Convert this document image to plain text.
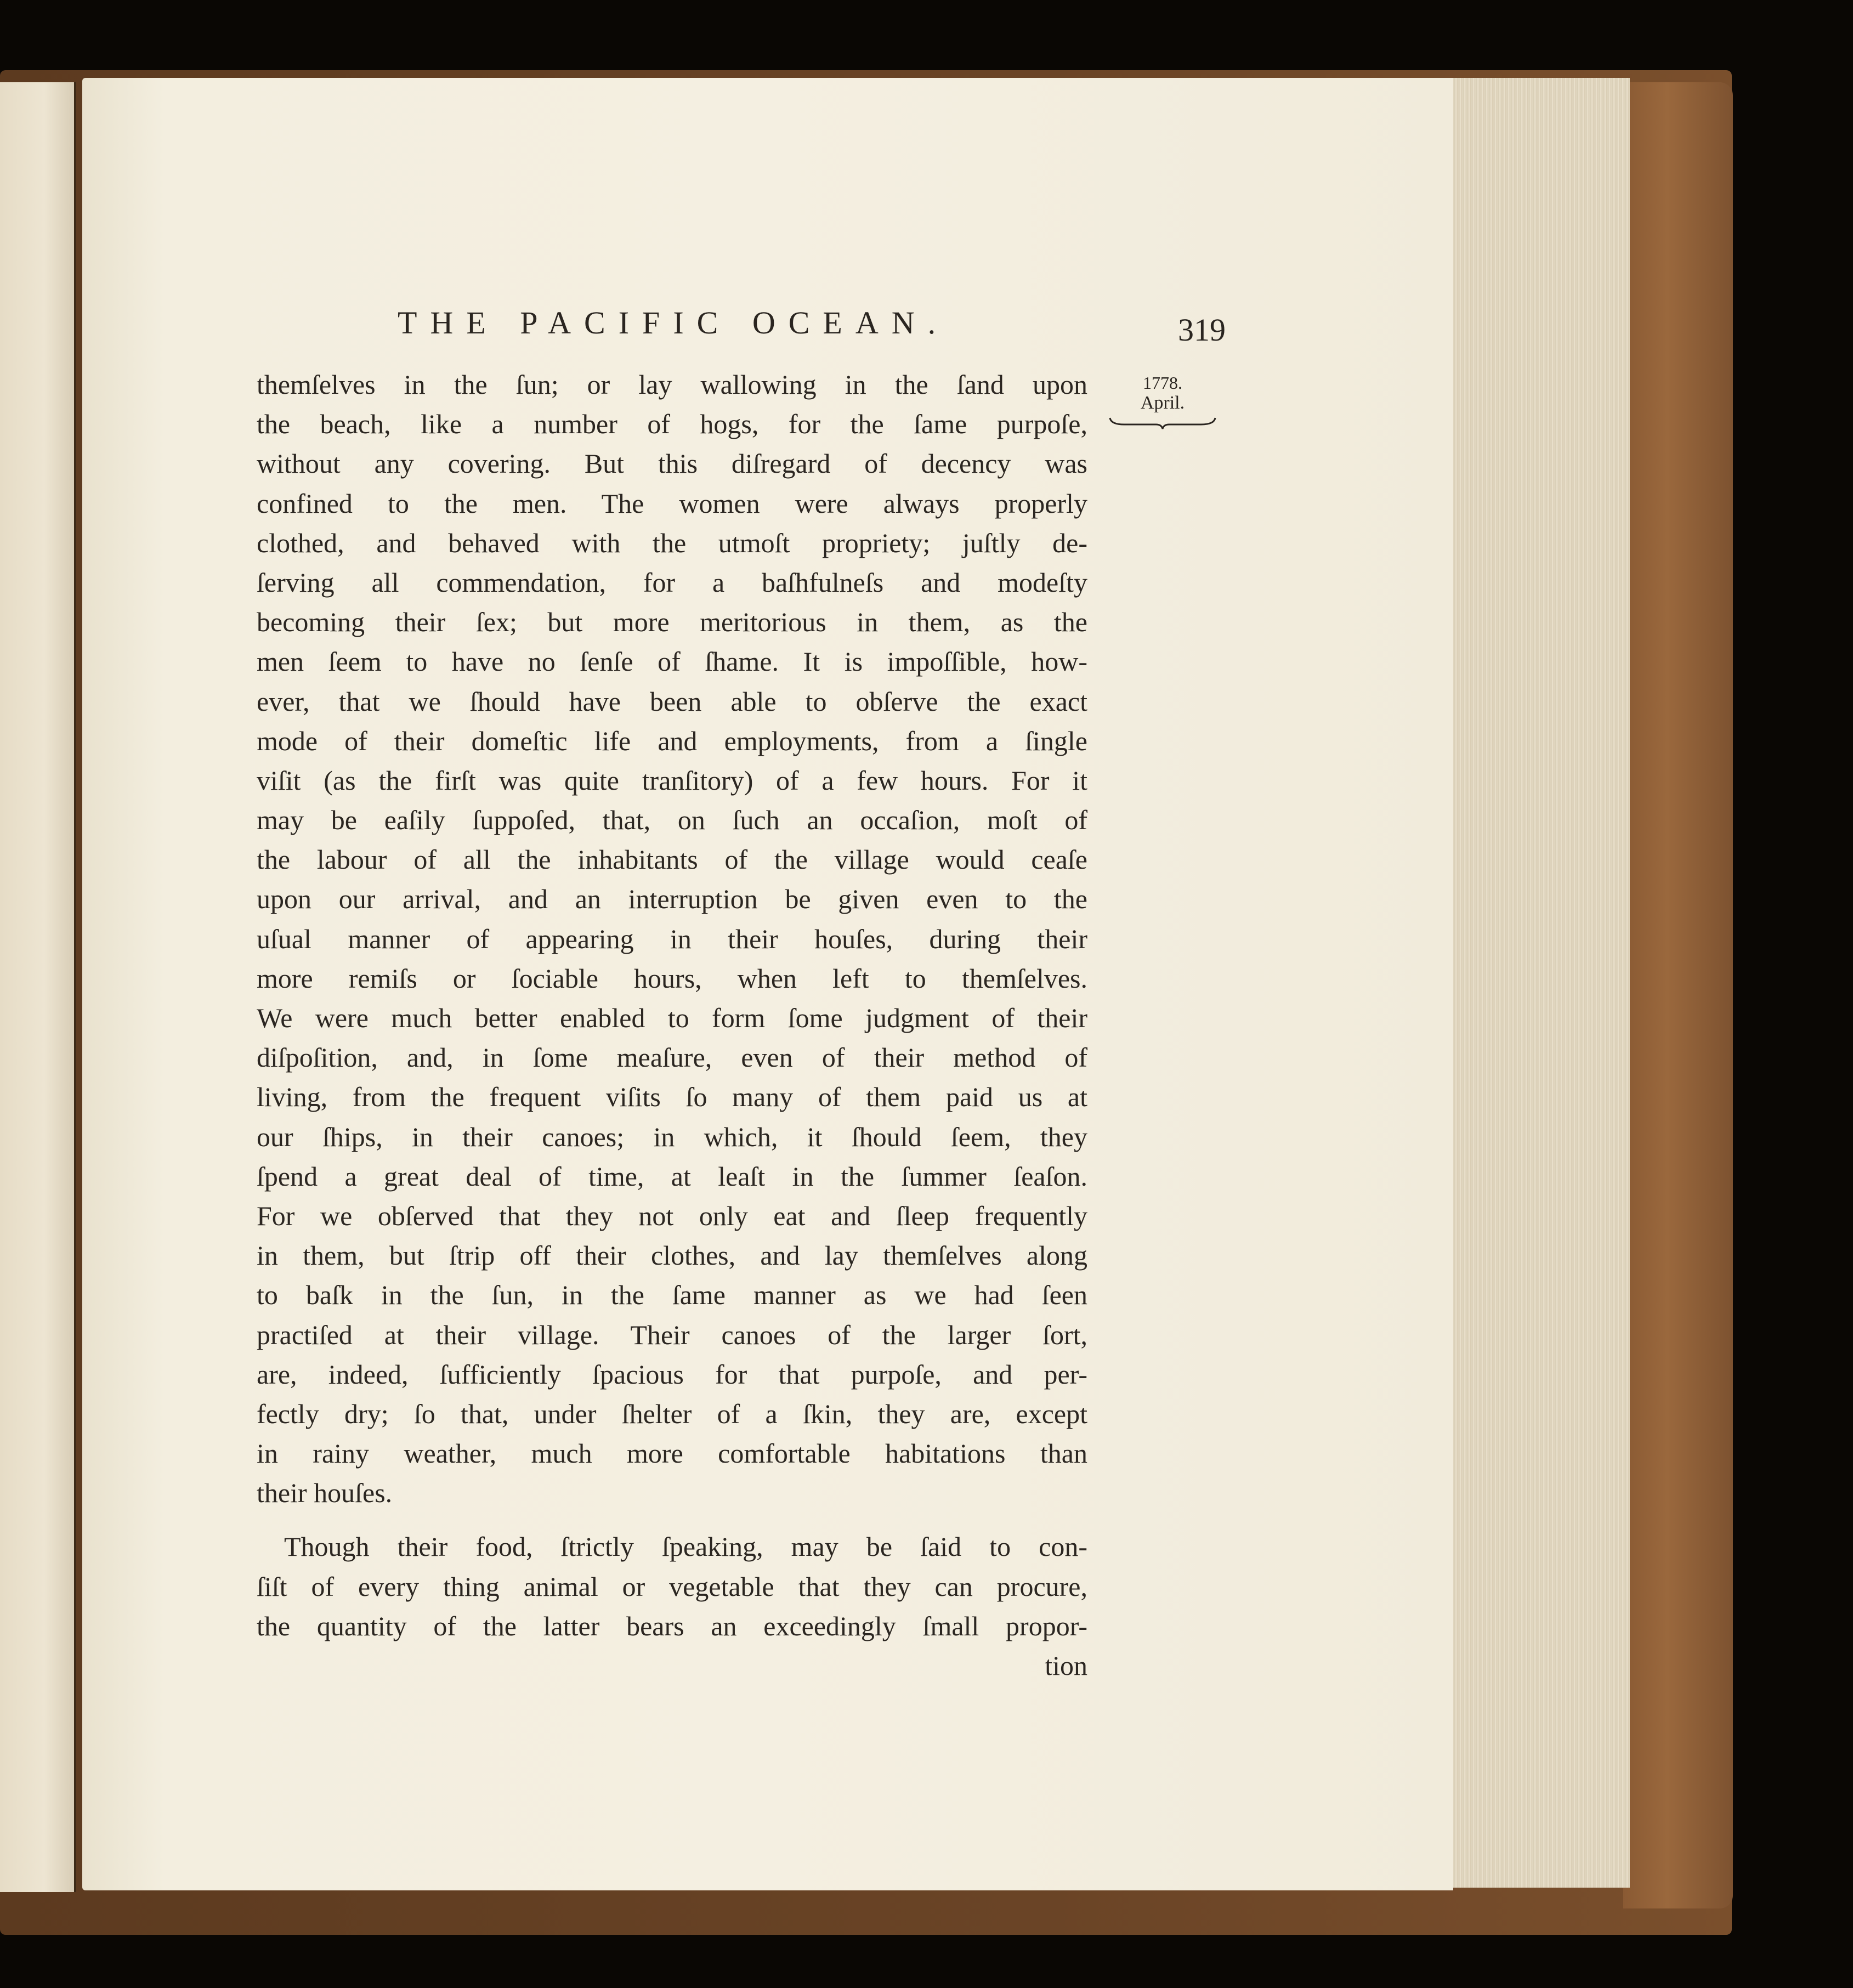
THE PACIFIC OCEAN.	319
1778.
April.
themſelves in the ſun; or lay wallowing in the ſand upon
the beach, like a number of hogs, for the ſame purpoſe,
without any covering. But this diſregard of decency was
confined to the men. The women were always properly
clothed, and behaved with the utmoſt propriety; juſtly de-
ſerving all commendation, for a baſhfulneſs and modeſty
becoming their ſex; but more meritorious in them, as the
men ſeem to have no ſenſe of ſhame. It is impoſſible, how-
ever, that we ſhould have been able to obſerve the exact
mode of their domeſtic life and employments, from a ſingle
viſit (as the firſt was quite tranſitory) of a few hours. For it
may be eaſily ſuppoſed, that, on ſuch an occaſion, moſt of
the labour of all the inhabitants of the village would ceaſe
upon our arrival, and an interruption be given even to the
uſual manner of appearing in their houſes, during their
more remiſs or ſociable hours, when left to themſelves.
We were much better enabled to form ſome judgment of their
diſpoſition, and, in ſome meaſure, even of their method of
living, from the frequent viſits ſo many of them paid us at
our ſhips, in their canoes; in which, it ſhould ſeem, they
ſpend a great deal of time, at leaſt in the ſummer ſeaſon.
For we obſerved that they not only eat and ſleep frequently
in them, but ſtrip off their clothes, and lay themſelves along
to baſk in the ſun, in the ſame manner as we had ſeen
practiſed at their village. Their canoes of the larger ſort,
are, indeed, ſufficiently ſpacious for that purpoſe, and per-
fectly dry; ſo that, under ſhelter of a ſkin, they are, except
in rainy weather, much more comfortable habitations than
their houſes.
Though their food, ſtrictly ſpeaking, may be ſaid to con-
ſiſt of every thing animal or vegetable that they can procure,
the quantity of the latter bears an exceedingly ſmall propor-
tion
